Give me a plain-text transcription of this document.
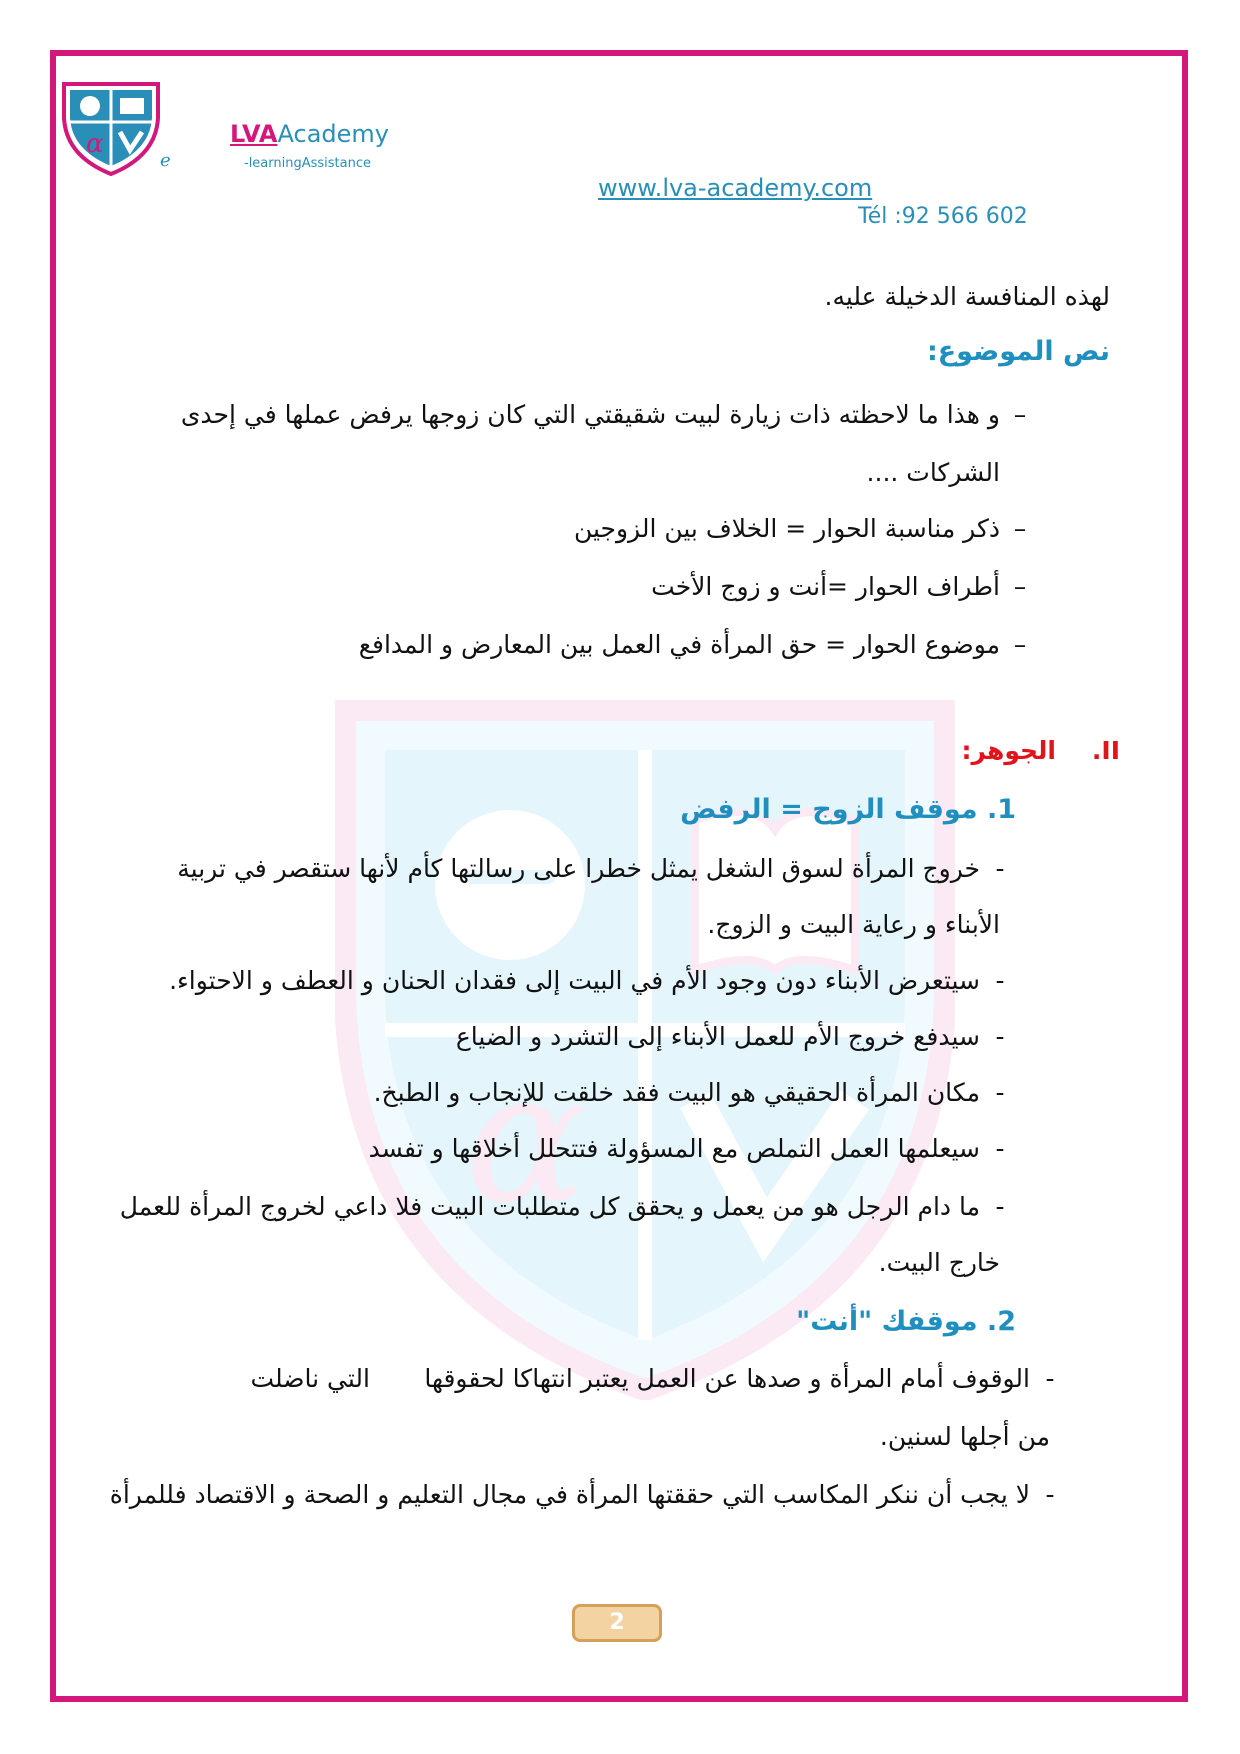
α	LVAAcademy
e	-learningAssistance
www.lva-academy.com
Tél :92 566 602
α
لهذه المنافسة الدخيلة عليه.
نص الموضوع:
–و هذا ما لاحظته ذات زيارة لبيت شقيقتي التي كان زوجها يرفض عملها في إحدى
الشركات ....
–ذكر مناسبة الحوار = الخلاف بين الزوجين
–أطراف الحوار =أنت و زوج الأخت
–موضوع الحوار = حق المرأة في العمل بين المعارض و المدافع
II.
الجوهر:
1. موقف الزوج = الرفض
-خروج المرأة لسوق الشغل يمثل خطرا على رسالتها كأم لأنها ستقصر في تربية
الأبناء و رعاية البيت و الزوج.
-سيتعرض الأبناء دون وجود الأم في البيت إلى فقدان الحنان و العطف و الاحتواء.
-سيدفع خروج الأم للعمل الأبناء إلى التشرد و الضياع
-مكان المرأة الحقيقي هو البيت فقد خلقت للإنجاب و الطبخ.
-سيعلمها العمل التملص مع المسؤولة فتتحلل أخلاقها و تفسد
-ما دام الرجل هو من يعمل و يحقق كل متطلبات البيت فلا داعي لخروج المرأة للعمل
خارج البيت.
2. موقفك "أنت"
-الوقوف أمام المرأة و صدها عن العمل يعتبر انتهاكا لحقوقها
التي ناضلت
من أجلها لسنين.
-لا يجب أن ننكر المكاسب التي حققتها المرأة في مجال التعليم و الصحة و الاقتصاد فللمرأة
2
